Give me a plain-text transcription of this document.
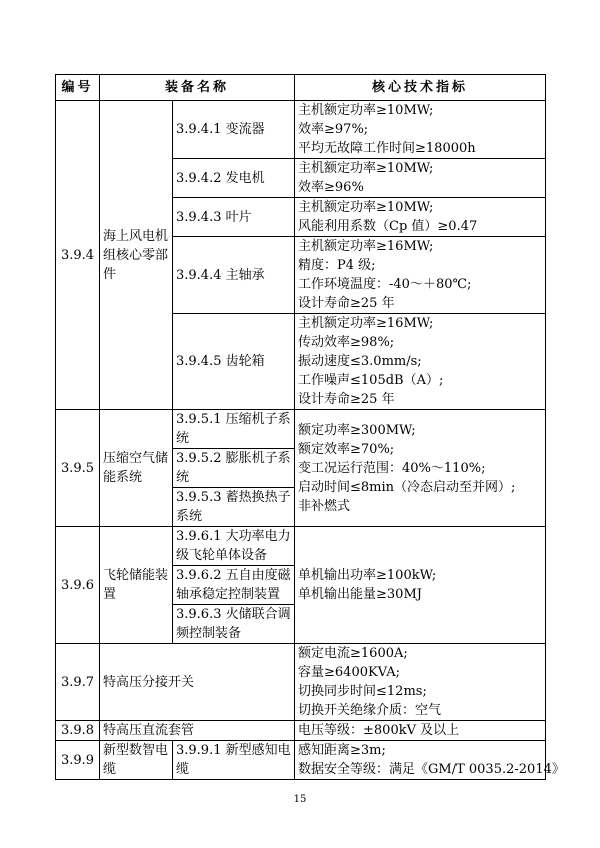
编号	装备名称		核心技术指标
3.9.4	海上风电机组核心零部件	3.9.4.1 变流器	主机额定功率≥10MW;
效率≥97%;
平均无故障工作时间≥18000h

		3.9.4.2 发电机	主机额定功率≥10MW;
效率≥96%

		3.9.4.3 叶片	主机额定功率≥10MW;
风能利用系数（Cp 值）≥0.47

		3.9.4.4 主轴承	主机额定功率≥16MW;
精度：P4 级;
工作环境温度：-40～＋80℃;
设计寿命≥25 年

		3.9.4.5 齿轮箱	主机额定功率≥16MW;
传动效率≥98%;
振动速度≤3.0mm/s;
工作噪声≤105dB（A）;
设计寿命≥25 年

3.9.5	压缩空气储能系统	3.9.5.1 压缩机子系统	额定功率≥300MW;
额定效率≥70%;
变工况运行范围：40%～110%;
启动时间≤8min（冷态启动至并网）;
非补燃式

		3.9.5.2 膨胀机子系统	
		3.9.5.3 蓄热换热子系统	
3.9.6	飞轮储能装置	3.9.6.1 大功率电力级飞轮单体设备	单机输出功率≥100kW;
单机输出能量≥30MJ

		3.9.6.2 五自由度磁轴承稳定控制装置	
		3.9.6.3 火储联合调频控制装备	
3.9.7	特高压分接开关		额定电流≥1600A;
容量≥6400KVA;
切换同步时间≤12ms;
切换开关绝缘介质：空气

3.9.8	特高压直流套管		电压等级：±800kV 及以上

3.9.9	新型数智电缆	3.9.9.1 新型感知电缆	感知距离≥3m;
数据安全等级：满足《GM/T 0035.2-2014》
15
